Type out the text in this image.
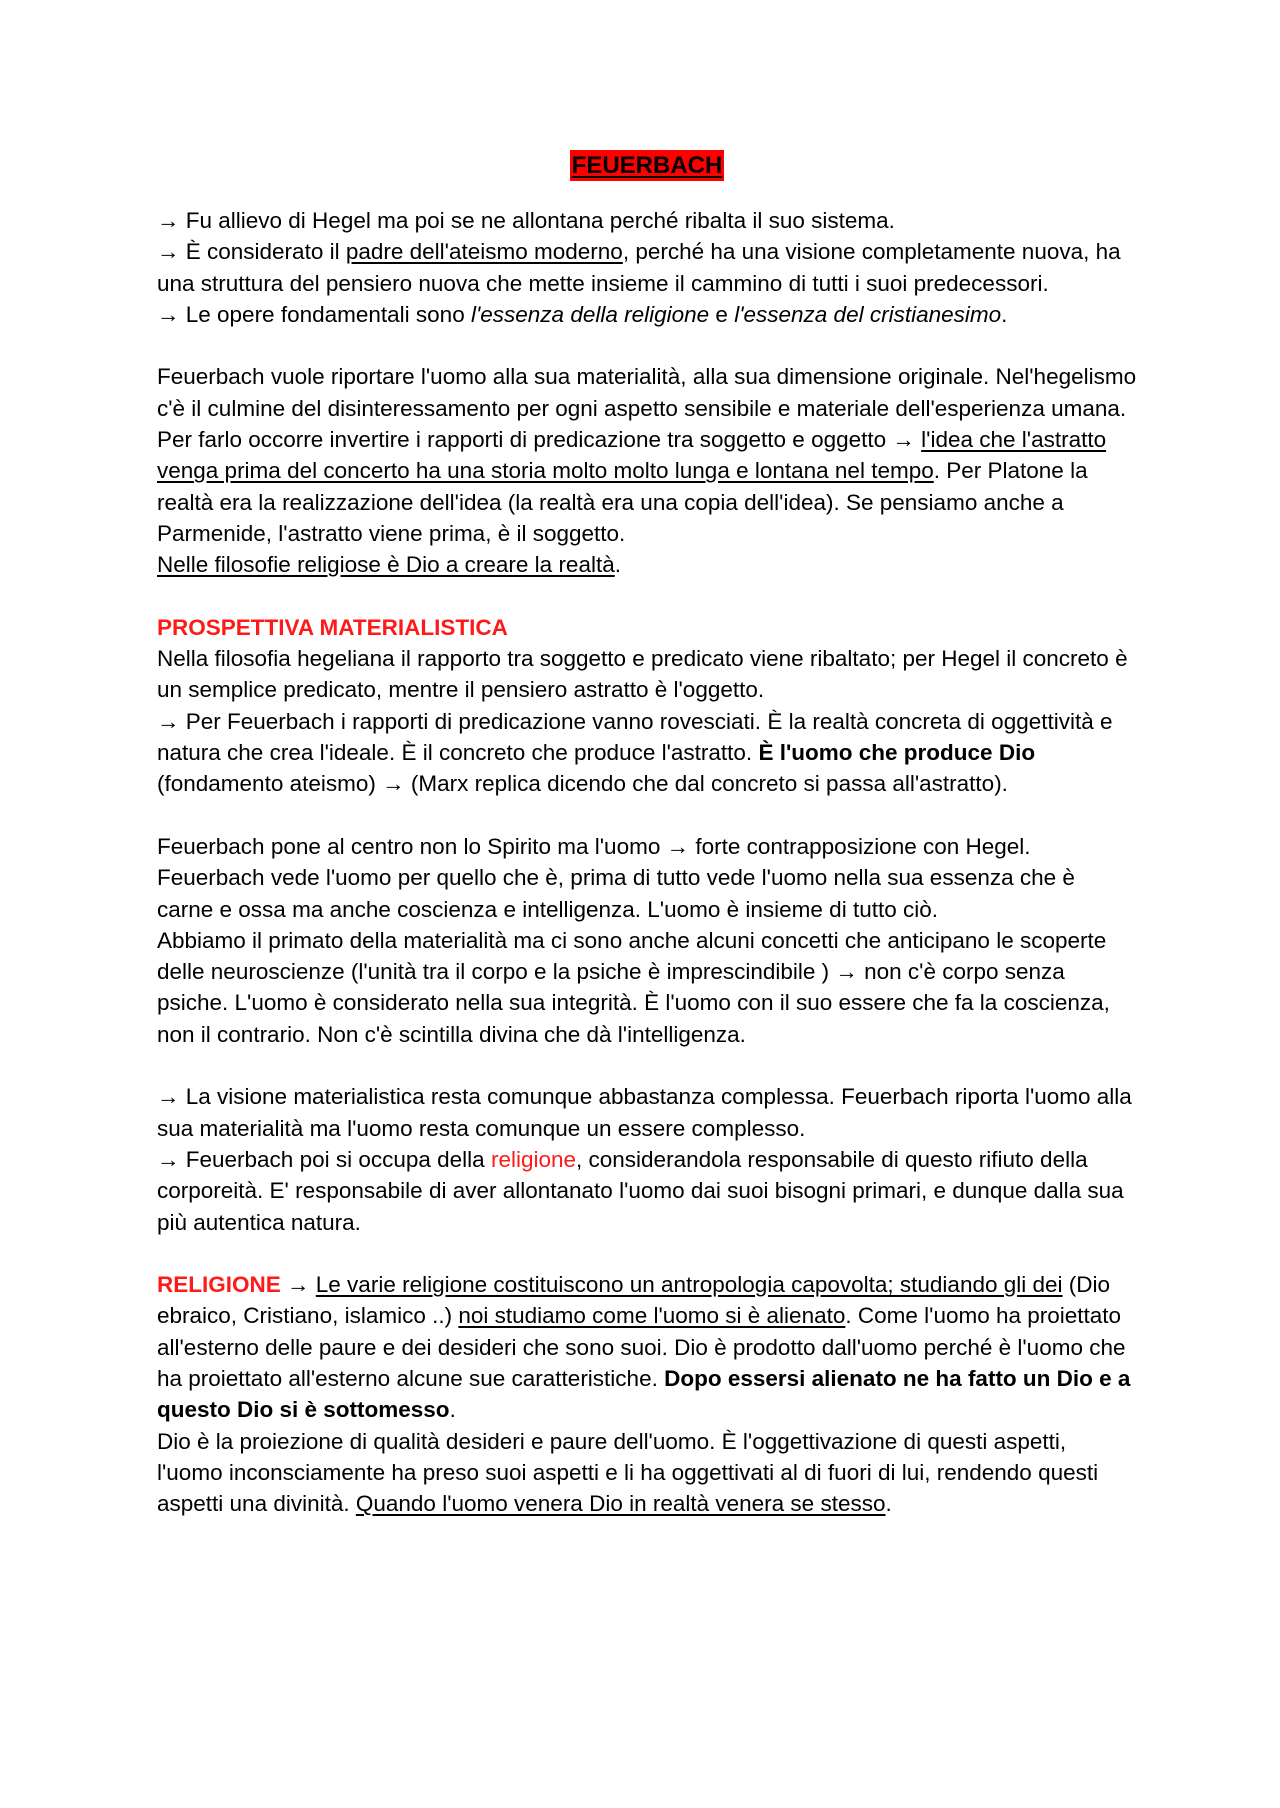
FEUERBACH

→ Fu allievo di Hegel ma poi se ne allontana perché ribalta il suo sistema.

→ È considerato il padre dell'ateismo moderno, perché ha una visione completamente nuova, ha una struttura del pensiero nuova che mette insieme il cammino di tutti i suoi predecessori.

→ Le opere fondamentali sono l'essenza della religione e l'essenza del cristianesimo.

Feuerbach vuole riportare l'uomo alla sua materialità, alla sua dimensione originale. Nel'hegelismo c'è il culmine del disinteressamento per ogni aspetto sensibile e materiale dell'esperienza umana. Per farlo occorre invertire i rapporti di predicazione tra soggetto e oggetto → l'idea che l'astratto venga prima del concerto ha una storia molto molto lunga e lontana nel tempo. Per Platone la realtà era la realizzazione dell'idea (la realtà era una copia dell'idea). Se pensiamo anche a Parmenide, l'astratto viene prima, è il soggetto.

Nelle filosofie religiose è Dio a creare la realtà.

PROSPETTIVA MATERIALISTICA

Nella filosofia hegeliana il rapporto tra soggetto e predicato viene ribaltato; per Hegel il concreto è un semplice predicato, mentre il pensiero astratto è l'oggetto.

→ Per Feuerbach i rapporti di predicazione vanno rovesciati. È la realtà concreta di oggettività e natura che crea l'ideale. È il concreto che produce l'astratto. È l'uomo che produce Dio (fondamento ateismo) → (Marx replica dicendo che dal concreto si passa all'astratto).

Feuerbach pone al centro non lo Spirito ma l'uomo → forte contrapposizione con Hegel.

Feuerbach vede l'uomo per quello che è, prima di tutto vede l'uomo nella sua essenza che è carne e ossa ma anche coscienza e intelligenza. L'uomo è insieme di tutto ciò.

Abbiamo il primato della materialità ma ci sono anche alcuni concetti che anticipano le scoperte delle neuroscienze (l'unità tra il corpo e la psiche è imprescindibile ) → non c'è corpo senza psiche. L'uomo è considerato nella sua integrità. È l'uomo con il suo essere che fa la coscienza, non il contrario. Non c'è scintilla divina che dà l'intelligenza.

→ La visione materialistica resta comunque abbastanza complessa. Feuerbach riporta l'uomo alla sua materialità ma l'uomo resta comunque un essere complesso.

→ Feuerbach poi si occupa della religione, considerandola responsabile di questo rifiuto della corporeità. E' responsabile di aver allontanato l'uomo dai suoi bisogni primari, e dunque dalla sua più autentica natura.

RELIGIONE → Le varie religione costituiscono un antropologia capovolta; studiando gli dei (Dio ebraico, Cristiano, islamico ..) noi studiamo come l'uomo si è alienato. Come l'uomo ha proiettato all'esterno delle paure e dei desideri che sono suoi. Dio è prodotto dall'uomo perché è l'uomo che ha proiettato all'esterno alcune sue caratteristiche. Dopo essersi alienato ne ha fatto un Dio e a questo Dio si è sottomesso.

Dio è la proiezione di qualità desideri e paure dell'uomo. È l'oggettivazione di questi aspetti, l'uomo inconsciamente ha preso suoi aspetti e li ha oggettivati al di fuori di lui, rendendo questi aspetti una divinità. Quando l'uomo venera Dio in realtà venera se stesso.
